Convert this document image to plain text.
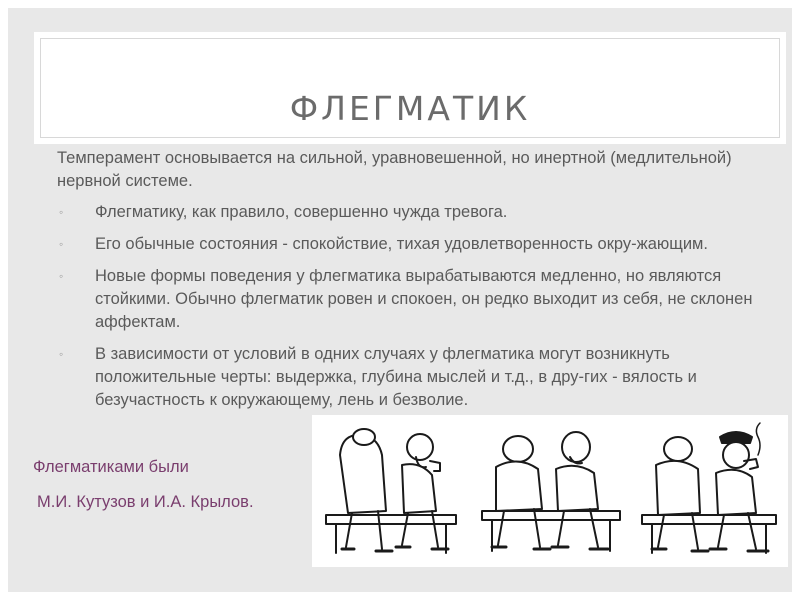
ФЛЕГМАТИК

Темперамент основывается на сильной, уравновешенной, но инертной (медлительной) нервной системе.

◦ Флегматику, как правило, совершенно чужда тревога.
◦ Его обычные состояния - спокойствие, тихая удовлетворенность окру-жающим.
◦ Новые формы поведения у флегматика вырабатываются медленно, но являются стойкими. Обычно флегматик ровен и спокоен, он редко выходит из себя, не склонен аффектам.
◦ В зависимости от условий в одних случаях у флегматика могут возникнуть положительные черты: выдержка, глубина мыслей и т.д., в дру-гих - вялость и безучастность к окружающему, лень и безволие.
Флегматиками были
М.И. Кутузов и И.А. Крылов.
